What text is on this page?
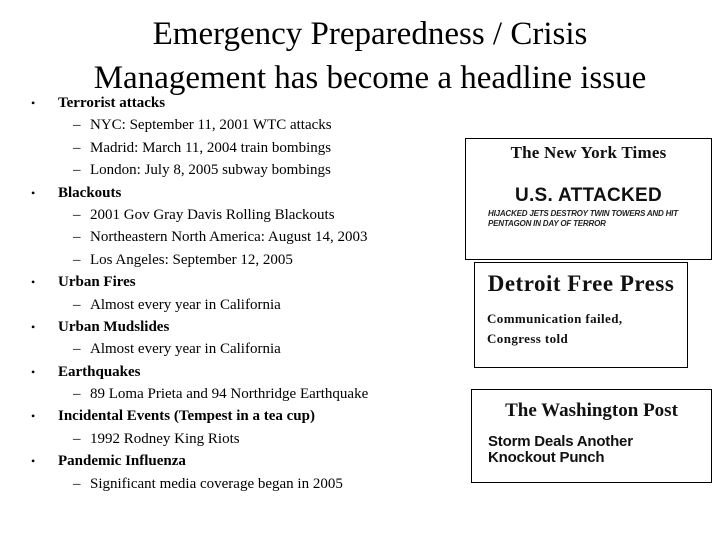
Emergency Preparedness / Crisis
Management has become a headline issue
• Terrorist attacks
– NYC: September 11, 2001 WTC attacks
– Madrid: March 11, 2004 train bombings
– London: July 8, 2005 subway bombings
• Blackouts
– 2001 Gov Gray Davis Rolling Blackouts
– Northeastern North America: August 14, 2003
– Los Angeles: September 12, 2005
• Urban Fires
– Almost every year in California
• Urban Mudslides
– Almost every year in California
• Earthquakes
– 89 Loma Prieta and 94 Northridge Earthquake
• Incidental Events (Tempest in a tea cup)
– 1992 Rodney King Riots
• Pandemic Influenza
– Significant media coverage began in 2005
The New York Times
U.S. ATTACKED
HIJACKED JETS DESTROY TWIN TOWERS AND HIT PENTAGON IN DAY OF TERROR
Detroit Free Press
Communication failed,
Congress told
The Washington Post
Storm Deals Another
Knockout Punch
